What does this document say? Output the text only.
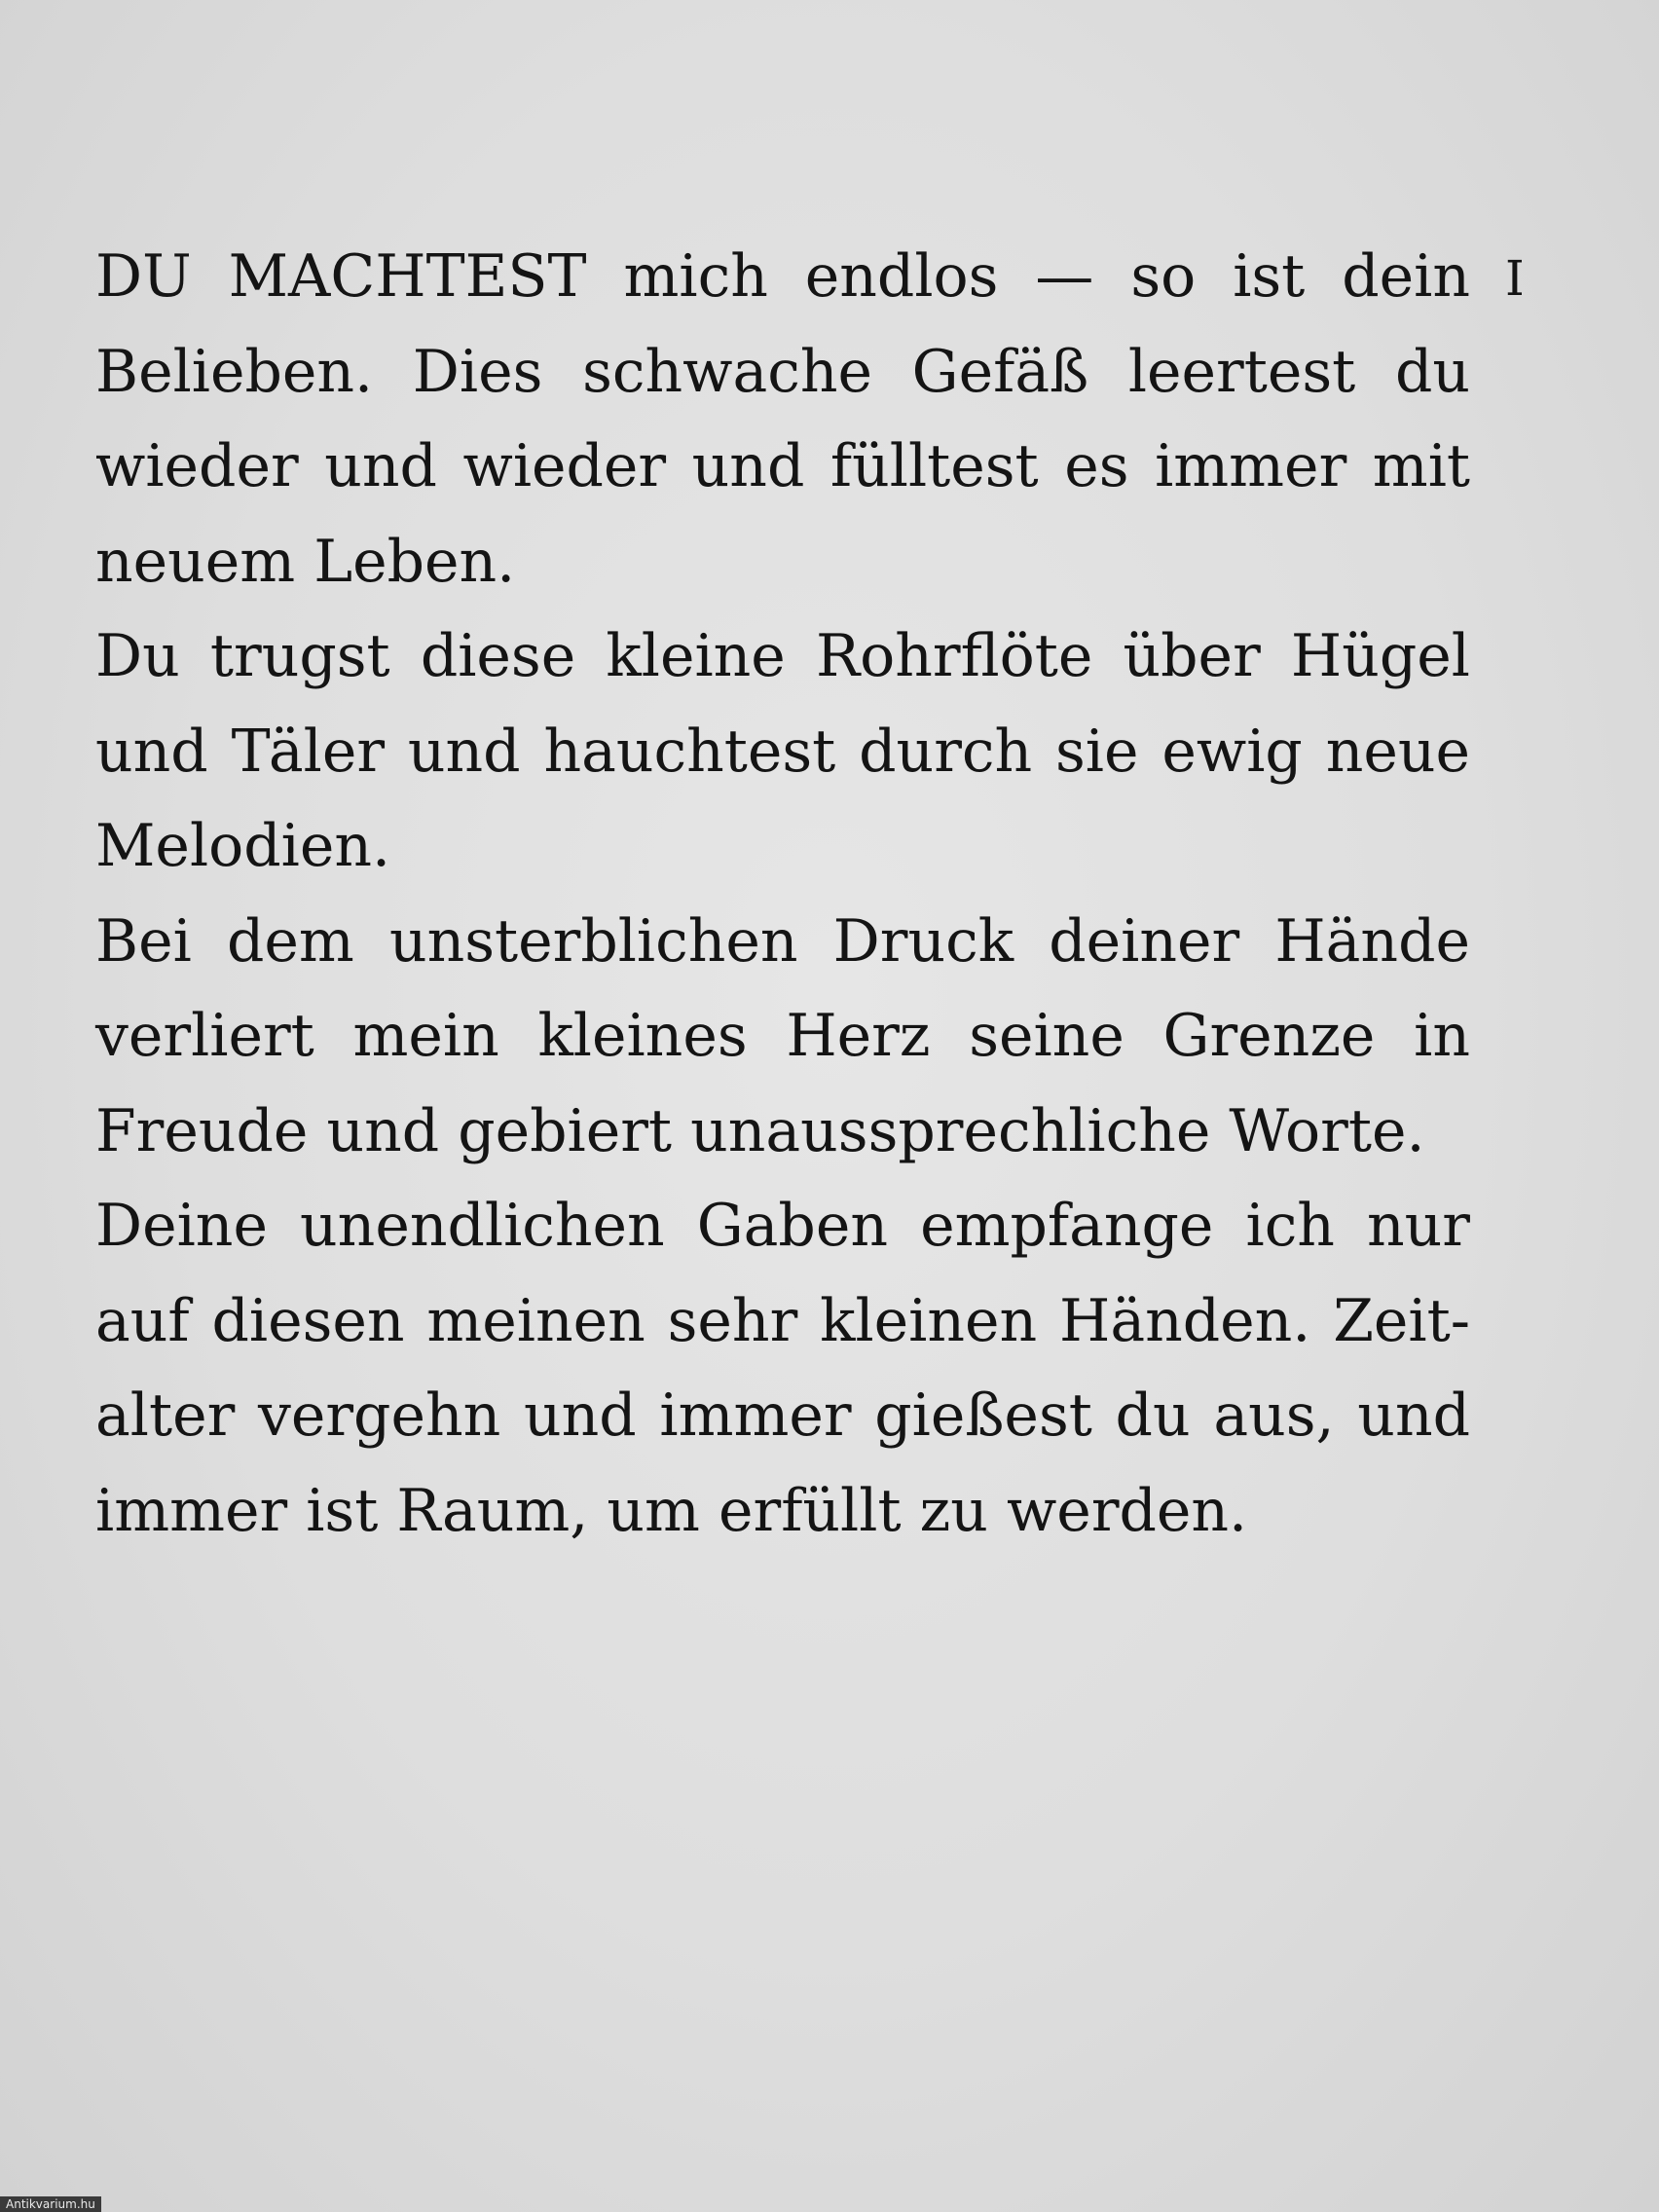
I
DU MACHTEST mich endlos — so ist dein
Belieben. Dies schwache Gefäß leertest du
wieder und wieder und fülltest es immer mit
neuem Leben.
Du trugst diese kleine Rohrflöte über Hügel
und Täler und hauchtest durch sie ewig neue
Melodien.
Bei dem unsterblichen Druck deiner Hände
verliert mein kleines Herz seine Grenze in
Freude und gebiert unaussprechliche Worte.
Deine unendlichen Gaben empfange ich nur
auf diesen meinen sehr kleinen Händen. Zeit-
alter vergehn und immer gießest du aus, und
immer ist Raum, um erfüllt zu werden.
Antikvarium.hu
